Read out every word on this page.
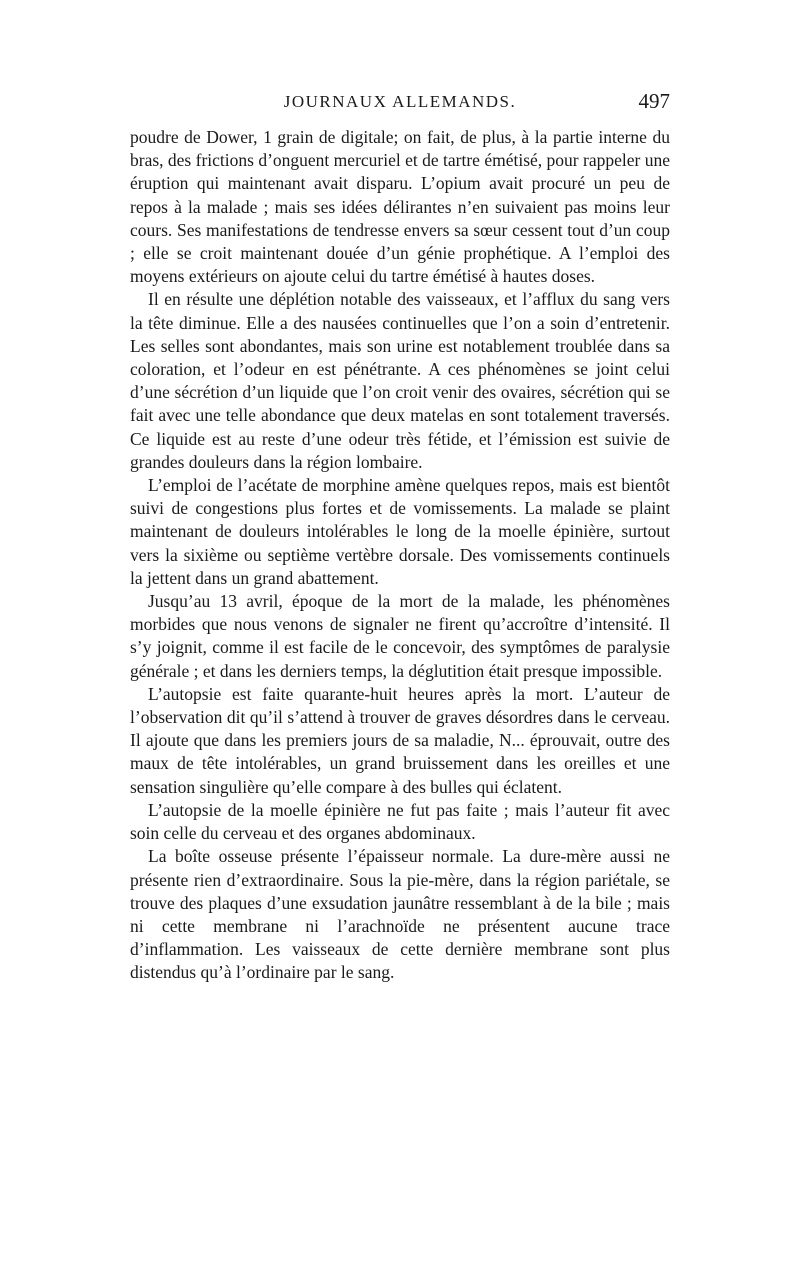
JOURNAUX ALLEMANDS.	497

poudre de Dower, 1 grain de digitale; on fait, de plus, à la partie interne du bras, des frictions d’onguent mercuriel et de tartre émétisé, pour rappeler une éruption qui maintenant avait disparu. L’opium avait procuré un peu de repos à la malade ; mais ses idées délirantes n’en suivaient pas moins leur cours. Ses manifestations de tendresse envers sa sœur cessent tout d’un coup ; elle se croit maintenant douée d’un génie prophétique. A l’emploi des moyens extérieurs on ajoute celui du tartre émétisé à hautes doses.

Il en résulte une déplétion notable des vaisseaux, et l’afflux du sang vers la tête diminue. Elle a des nausées continuelles que l’on a soin d’entretenir. Les selles sont abondantes, mais son urine est notablement troublée dans sa coloration, et l’odeur en est pénétrante. A ces phénomènes se joint celui d’une sécrétion d’un liquide que l’on croit venir des ovaires, sécrétion qui se fait avec une telle abondance que deux matelas en sont totalement traversés. Ce liquide est au reste d’une odeur très fétide, et l’émission est suivie de grandes douleurs dans la région lombaire.

L’emploi de l’acétate de morphine amène quelques repos, mais est bientôt suivi de congestions plus fortes et de vomissements. La malade se plaint maintenant de douleurs intolérables le long de la moelle épinière, surtout vers la sixième ou septième vertèbre dorsale. Des vomissements continuels la jettent dans un grand abattement.

Jusqu’au 13 avril, époque de la mort de la malade, les phénomènes morbides que nous venons de signaler ne firent qu’accroître d’intensité. Il s’y joignit, comme il est facile de le concevoir, des symptômes de paralysie générale ; et dans les derniers temps, la déglutition était presque impossible.

L’autopsie est faite quarante-huit heures après la mort. L’auteur de l’observation dit qu’il s’attend à trouver de graves désordres dans le cerveau. Il ajoute que dans les premiers jours de sa maladie, N... éprouvait, outre des maux de tête intolérables, un grand bruissement dans les oreilles et une sensation singulière qu’elle compare à des bulles qui éclatent.

L’autopsie de la moelle épinière ne fut pas faite ; mais l’auteur fit avec soin celle du cerveau et des organes abdominaux.

La boîte osseuse présente l’épaisseur normale. La dure-mère aussi ne présente rien d’extraordinaire. Sous la pie-mère, dans la région pariétale, se trouve des plaques d’une exsudation jaunâtre ressemblant à de la bile ; mais ni cette membrane ni l’arachnoïde ne présentent aucune trace d’inflammation. Les vaisseaux de cette dernière membrane sont plus distendus qu’à l’ordinaire par le sang.
